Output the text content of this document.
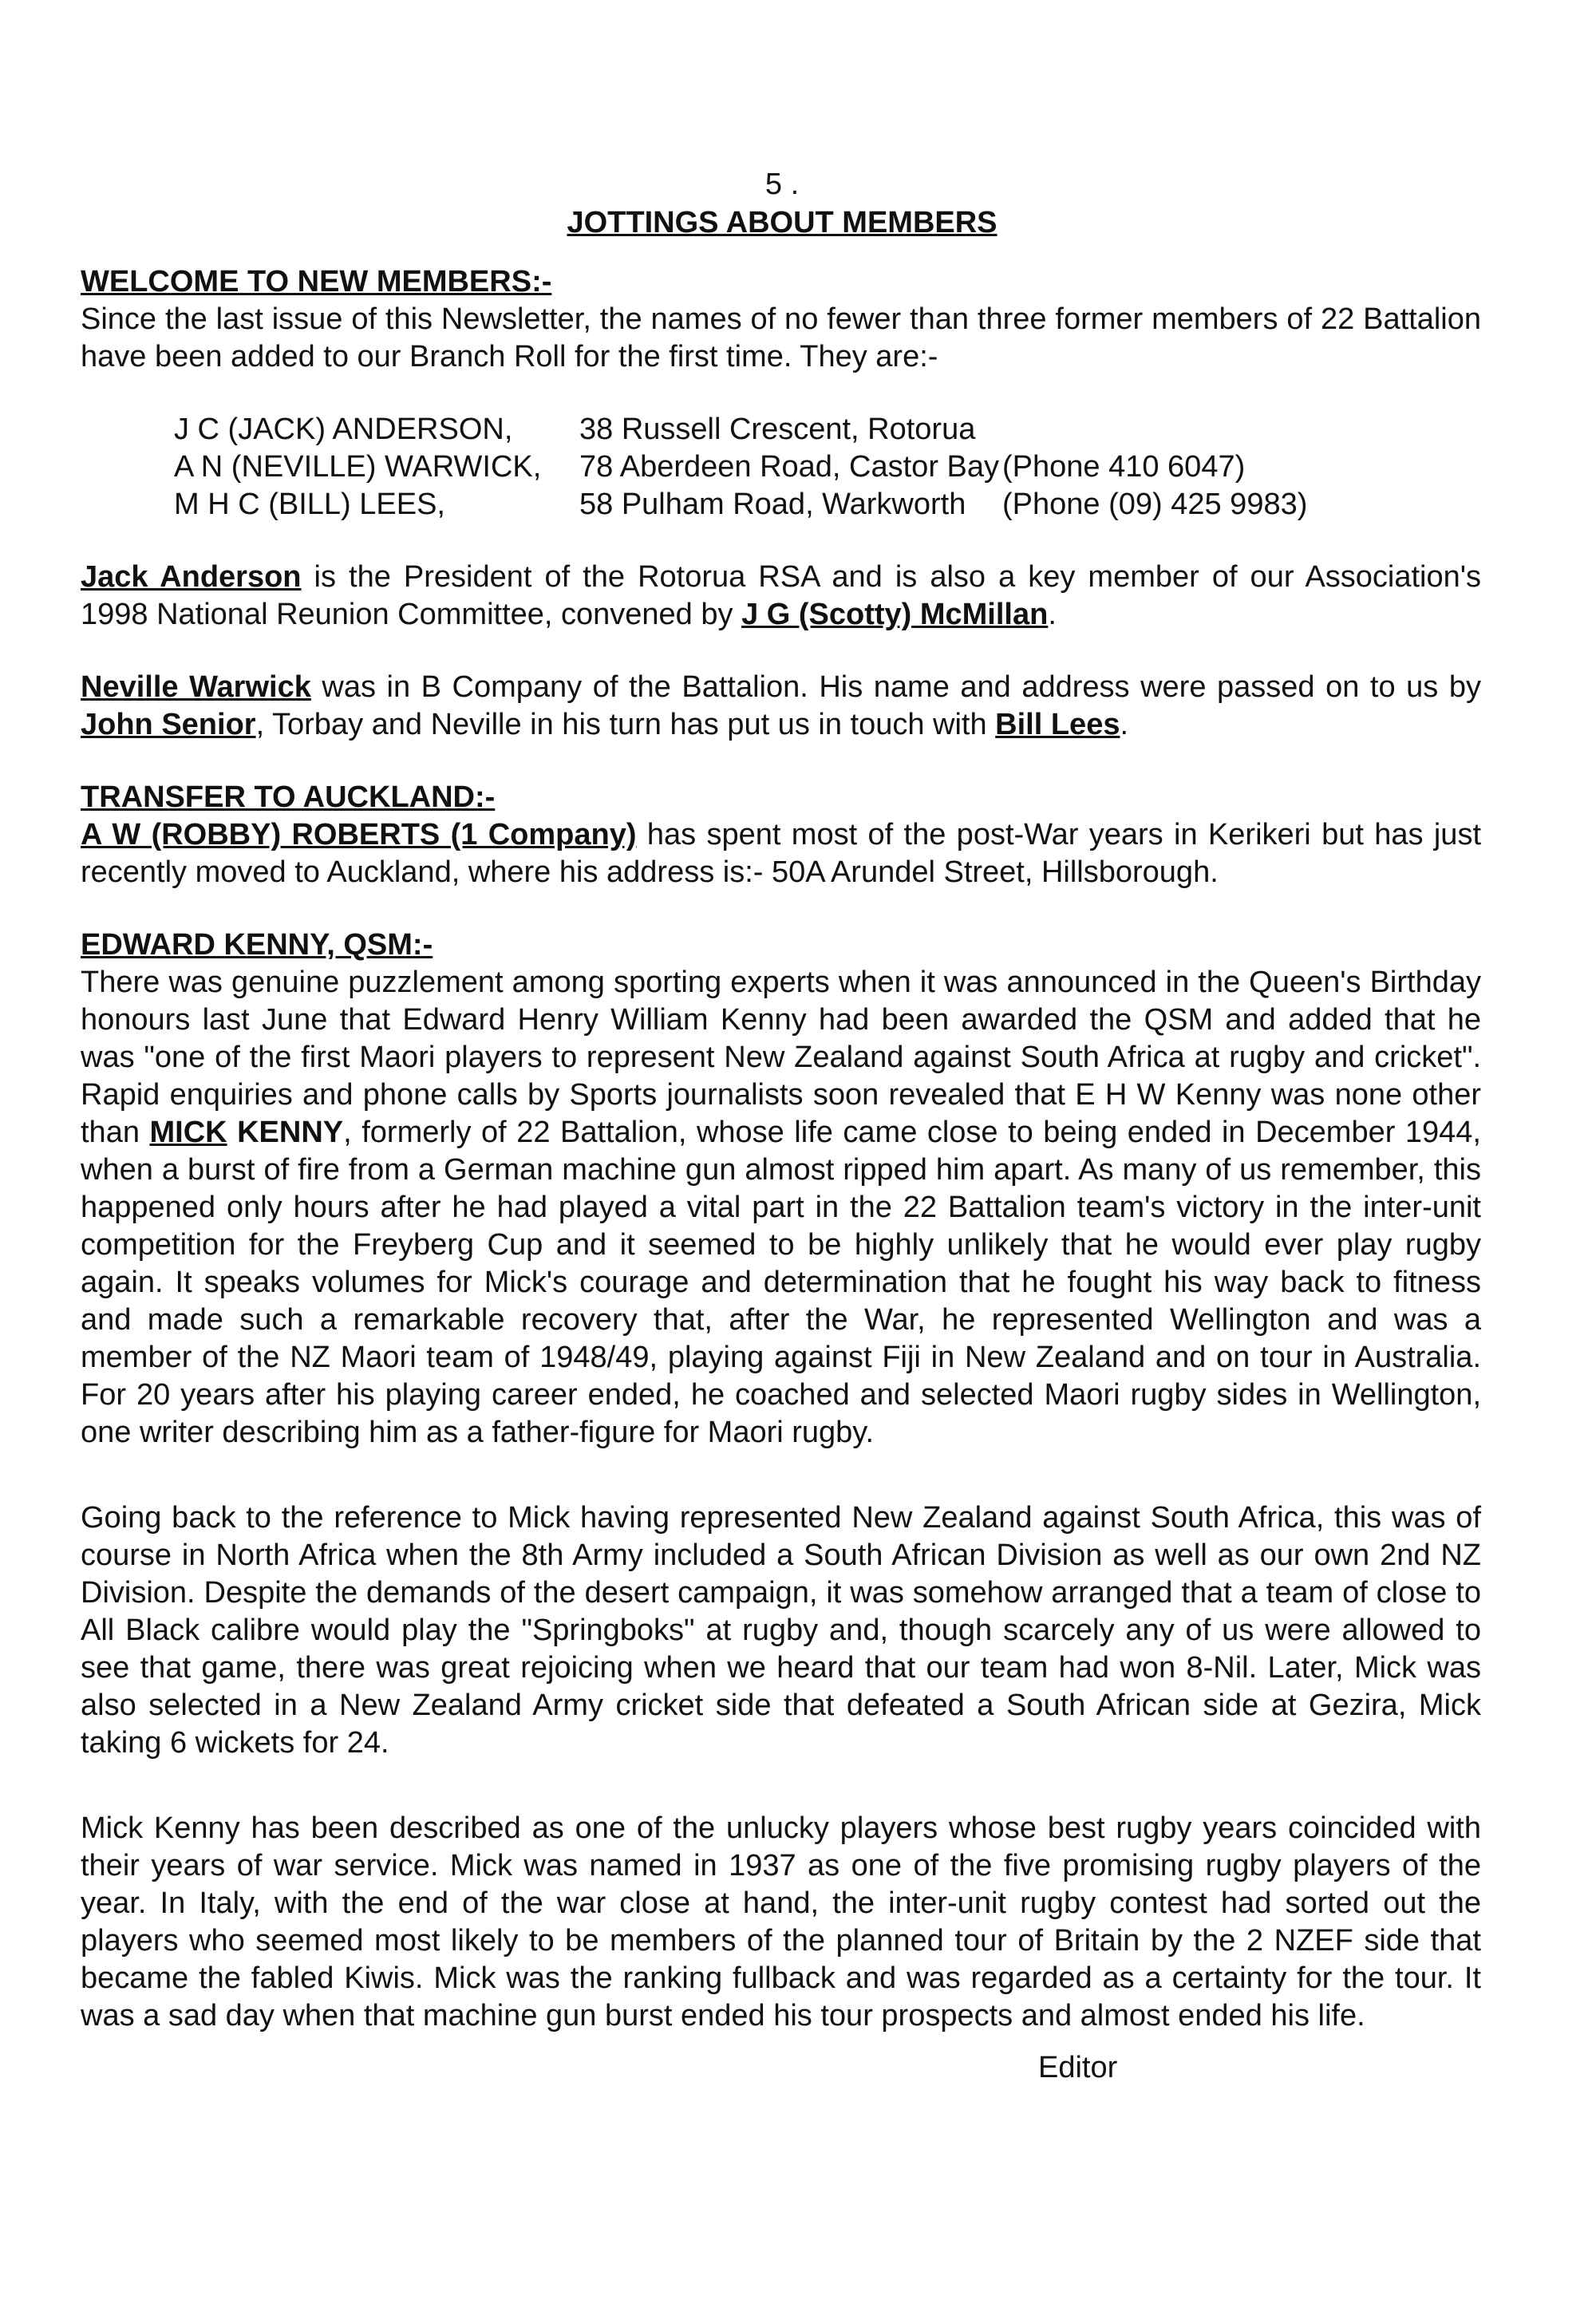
5 .
JOTTINGS ABOUT MEMBERS
WELCOME TO NEW MEMBERS:-

Since the last issue of this Newsletter, the names of no fewer than three former members of 22 Battalion have been added to our Branch Roll for the first time. They are:-

J C (JACK) ANDERSON,	38 Russell Crescent, Rotorua
A N (NEVILLE) WARWICK,	78 Aberdeen Road, Castor Bay (Phone 410 6047)
M H C (BILL) LEES,	58 Pulham Road, Warkworth	(Phone (09) 425 9983)

Jack Anderson is the President of the Rotorua RSA and is also a key member of our Association's 1998 National Reunion Committee, convened by J G (Scotty) McMillan.

Neville Warwick was in B Company of the Battalion. His name and address were passed on to us by John Senior, Torbay and Neville in his turn has put us in touch with Bill Lees.

TRANSFER TO AUCKLAND:-

A W (ROBBY) ROBERTS (1 Company) has spent most of the post-War years in Kerikeri but has just recently moved to Auckland, where his address is:- 50A Arundel Street, Hillsborough.

EDWARD KENNY, QSM:-

There was genuine puzzlement among sporting experts when it was announced in the Queen's Birthday honours last June that Edward Henry William Kenny had been awarded the QSM and added that he was "one of the first Maori players to represent New Zealand against South Africa at rugby and cricket". Rapid enquiries and phone calls by Sports journalists soon revealed that E H W Kenny was none other than MICK KENNY, formerly of 22 Battalion, whose life came close to being ended in December 1944, when a burst of fire from a German machine gun almost ripped him apart. As many of us remember, this happened only hours after he had played a vital part in the 22 Battalion team's victory in the inter-unit competition for the Freyberg Cup and it seemed to be highly unlikely that he would ever play rugby again. It speaks volumes for Mick's courage and determination that he fought his way back to fitness and made such a remarkable recovery that, after the War, he represented Wellington and was a member of the NZ Maori team of 1948/49, playing against Fiji in New Zealand and on tour in Australia. For 20 years after his playing career ended, he coached and selected Maori rugby sides in Wellington, one writer describing him as a father-figure for Maori rugby.

Going back to the reference to Mick having represented New Zealand against South Africa, this was of course in North Africa when the 8th Army included a South African Division as well as our own 2nd NZ Division. Despite the demands of the desert campaign, it was somehow arranged that a team of close to All Black calibre would play the "Springboks" at rugby and, though scarcely any of us were allowed to see that game, there was great rejoicing when we heard that our team had won 8-Nil. Later, Mick was also selected in a New Zealand Army cricket side that defeated a South African side at Gezira, Mick taking 6 wickets for 24.

Mick Kenny has been described as one of the unlucky players whose best rugby years coincided with their years of war service. Mick was named in 1937 as one of the five promising rugby players of the year. In Italy, with the end of the war close at hand, the inter-unit rugby contest had sorted out the players who seemed most likely to be members of the planned tour of Britain by the 2 NZEF side that became the fabled Kiwis. Mick was the ranking fullback and was regarded as a certainty for the tour. It was a sad day when that machine gun burst ended his tour prospects and almost ended his life.

Editor
